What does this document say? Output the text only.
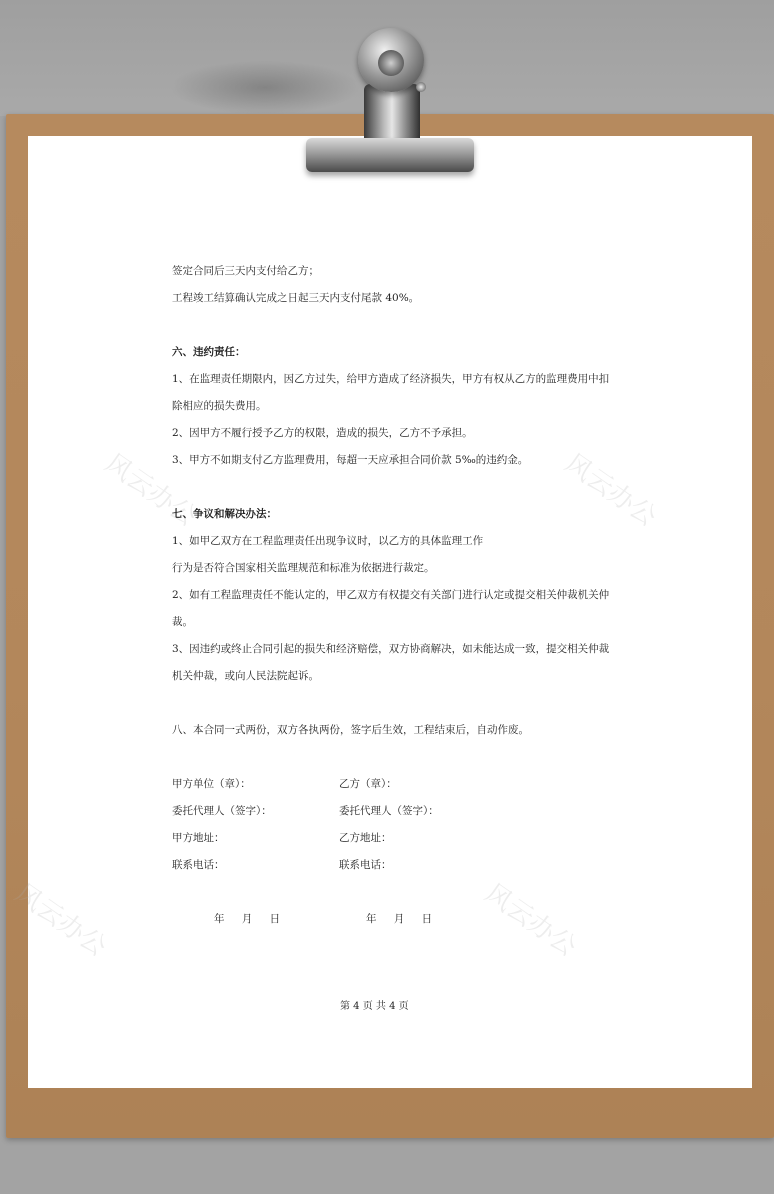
风云办公	风云办公
风云办公	风云办公
签定合同后三天内支付给乙方；
工程竣工结算确认完成之日起三天内支付尾款 40%。
六、违约责任：
1、在监理责任期限内，因乙方过失，给甲方造成了经济损失，甲方有权从乙方的监理费用中扣
除相应的损失费用。
2、因甲方不履行授予乙方的权限，造成的损失，乙方不予承担。
3、甲方不如期支付乙方监理费用，每超一天应承担合同价款 5‰的违约金。
七、争议和解决办法：
1、如甲乙双方在工程监理责任出现争议时，以乙方的具体监理工作
行为是否符合国家相关监理规范和标准为依据进行裁定。
2、如有工程监理责任不能认定的，甲乙双方有权提交有关部门进行认定或提交相关仲裁机关仲
裁。
3、因违约或终止合同引起的损失和经济赔偿，双方协商解决，如未能达成一致，提交相关仲裁
机关仲裁，或向人民法院起诉。
八、本合同一式两份，双方各执两份，签字后生效，工程结束后，自动作废。
甲方单位（章）：	乙方（章）：
委托代理人（签字）：	委托代理人（签字）：
甲方地址：	乙方地址：
联系电话：	联系电话：
年 月 日	年 月 日
第 4 页 共 4 页
